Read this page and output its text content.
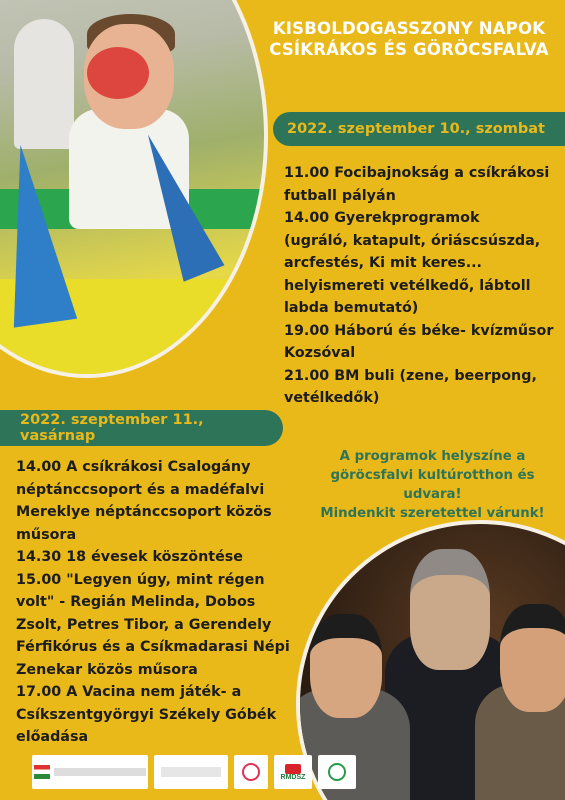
KISBOLDOGASSZONY NAPOK
CSÍKRÁKOS ÉS GÖRÖCSFALVA
2022. szeptember 10., szombat

11.00 Focibajnokság a csíkrákosi

futball pályán

14.00 Gyerekprogramok

(ugráló, katapult, óriáscsúszda,

arcfestés, Ki mit keres...

helyismereti vetélkedő, lábtoll

labda bemutató)

19.00 Háború és béke- kvízműsor

Kozsóval

21.00 BM buli (zene, beerpong,

vetélkedők)

2022. szeptember 11., vasárnap
A programok helyszíne a
göröcsfalvi kultúrotthon és udvara!
Mindenkit szeretettel várunk!

14.00 A csíkrákosi Csalogány

néptánccsoport és a madéfalvi

Mereklye néptánccsoport közös

műsora

14.30 18 évesek köszöntése

15.00 "Legyen úgy, mint régen

volt" - Regián Melinda, Dobos

Zsolt, Petres Tibor, a Gerendely

Férfikórus és a Csíkmadarasi Népi

Zenekar közös műsora

17.00 A Vacina nem játék- a

Csíkszentgyörgyi Székely Góbék

előadása

RMDSZ
